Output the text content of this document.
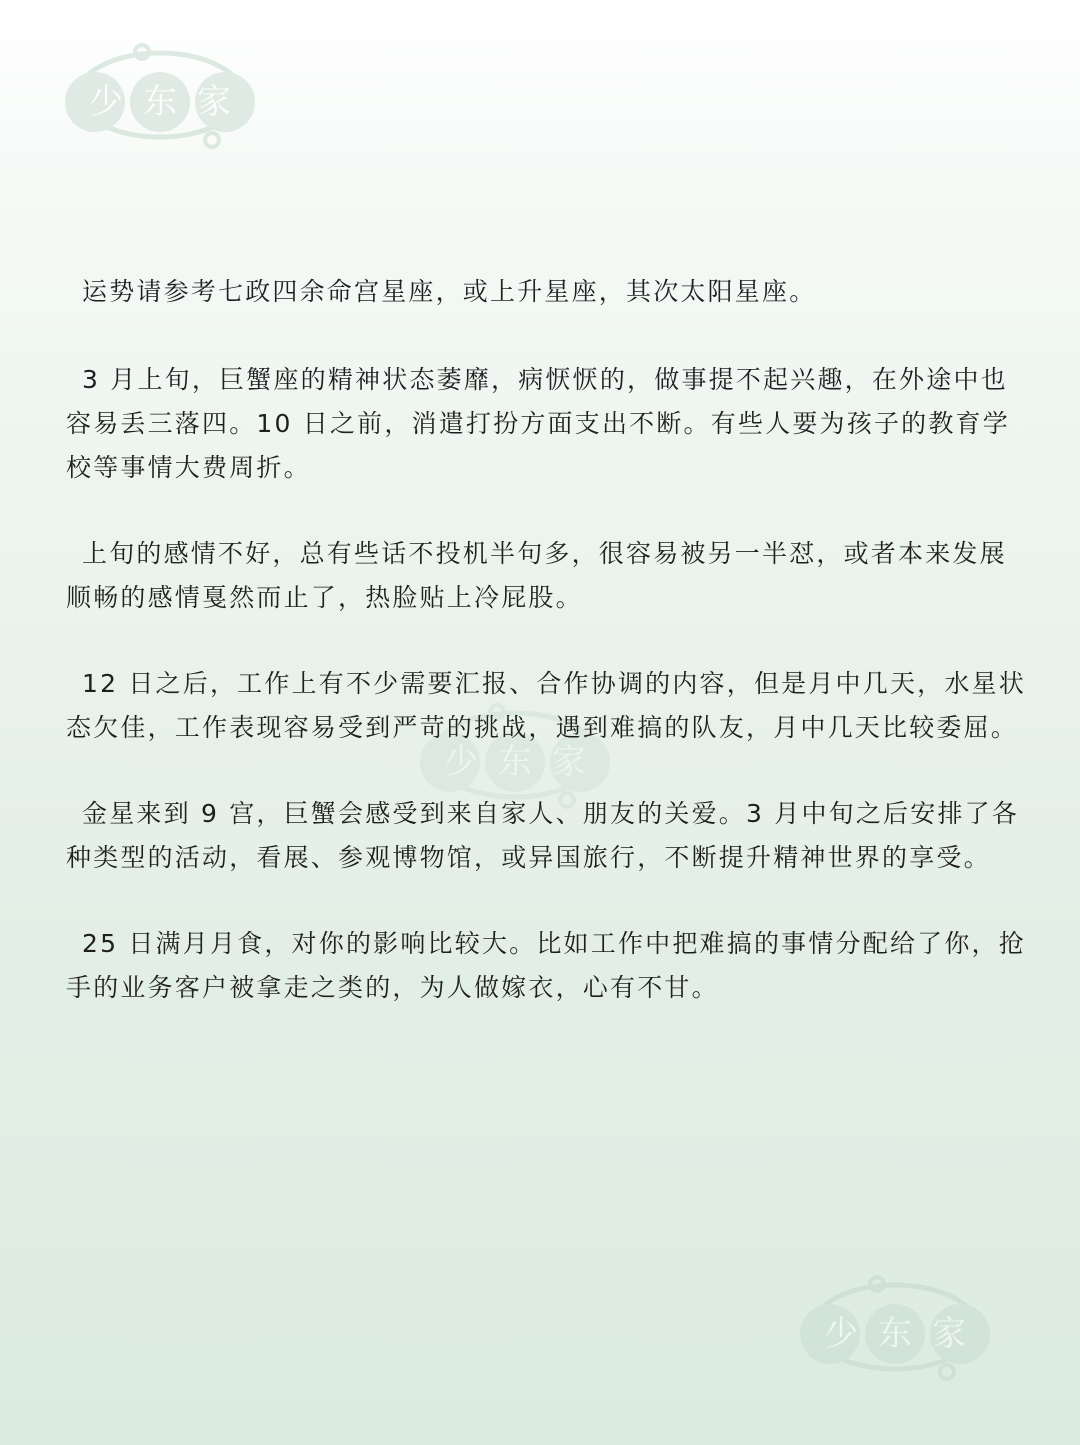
少东家
少东家
少东家

运势请参考七政四余命宫星座，或上升星座，其次太阳星座。

3 月上旬，巨蟹座的精神状态萎靡，病恹恹的，做事提不起兴趣，在外途中也容易丢三落四。10 日之前，消遣打扮方面支出不断。有些人要为孩子的教育学校等事情大费周折。

上旬的感情不好，总有些话不投机半句多，很容易被另一半怼，或者本来发展顺畅的感情戛然而止了，热脸贴上冷屁股。

12 日之后，工作上有不少需要汇报、合作协调的内容，但是月中几天，水星状态欠佳，工作表现容易受到严苛的挑战，遇到难搞的队友，月中几天比较委屈。

金星来到 9 宫，巨蟹会感受到来自家人、朋友的关爱。3 月中旬之后安排了各种类型的活动，看展、参观博物馆，或异国旅行，不断提升精神世界的享受。

25 日满月月食，对你的影响比较大。比如工作中把难搞的事情分配给了你，抢手的业务客户被拿走之类的，为人做嫁衣，心有不甘。
